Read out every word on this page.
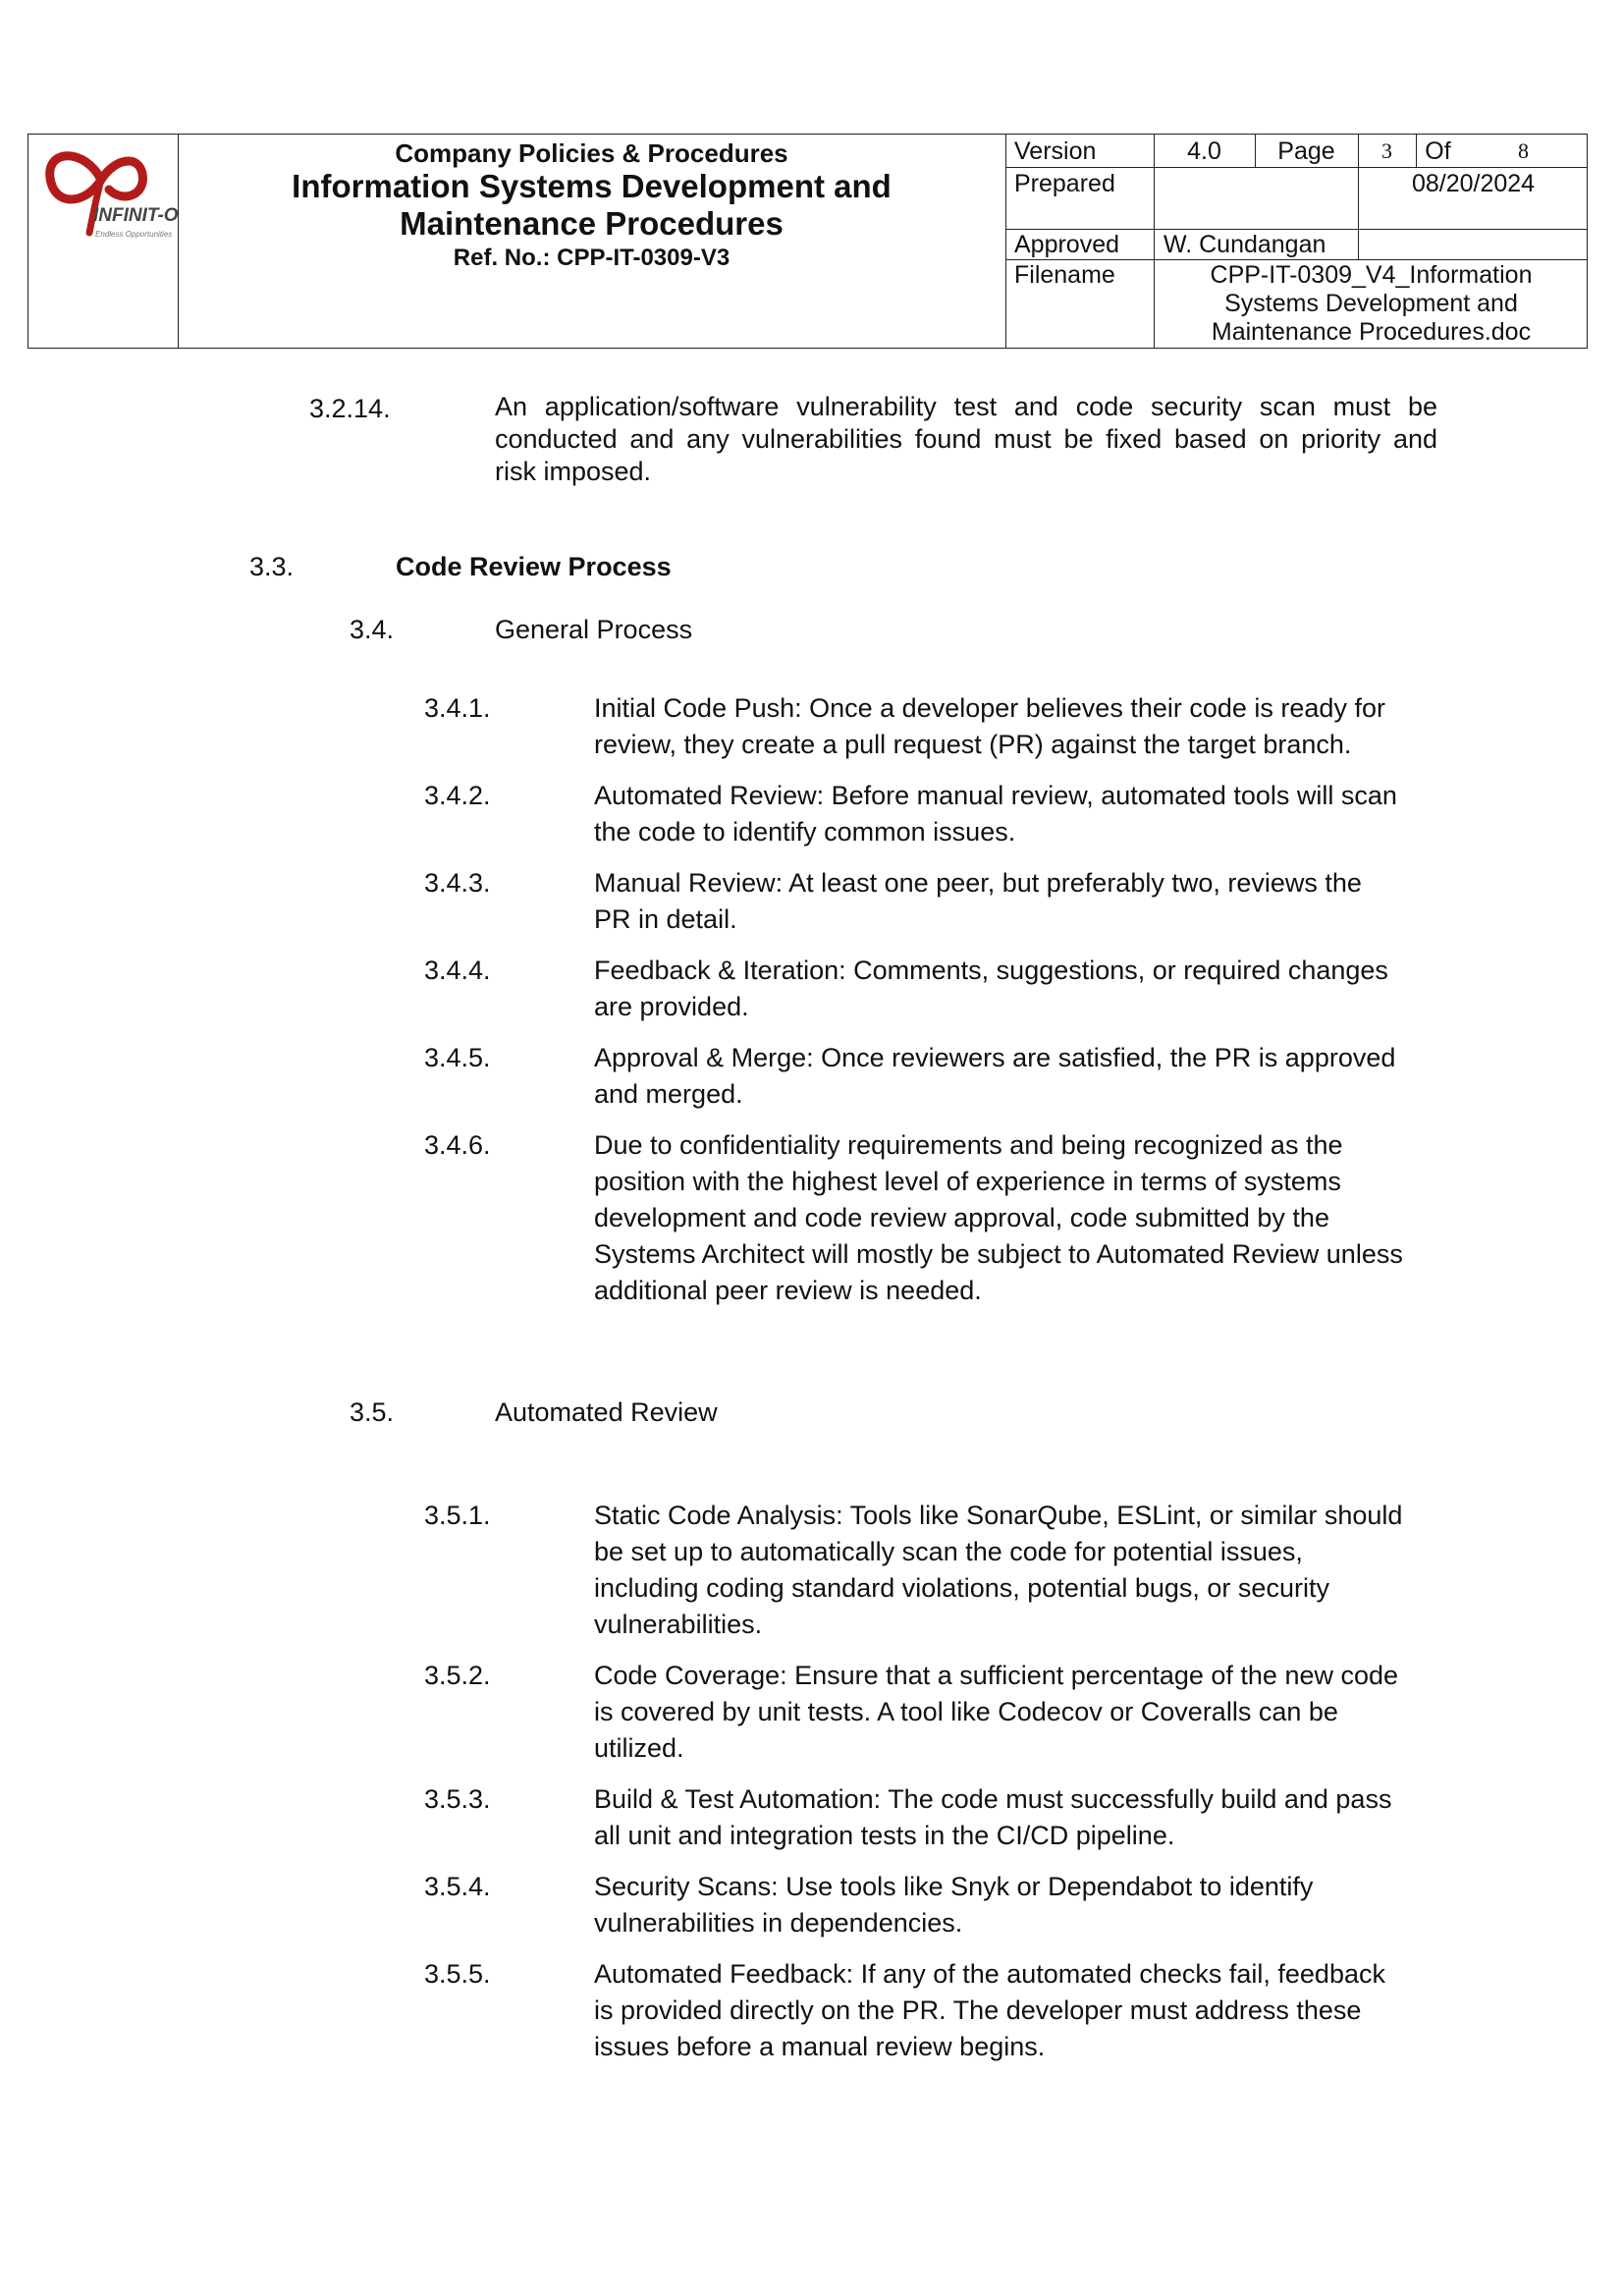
INFINIT-O
Endless Opportunities
Company Policies & Procedures
Information Systems Development and
Maintenance Procedures
Ref. No.: CPP-IT-0309-V3
Version	4.0	Page	3	Of	8
Prepared	08/20/2024
Approved W. Cundangan
Filename	CPP-IT-0309_V4_Information
Systems Development and
Maintenance Procedures.doc
3.2.14.	An application/software vulnerability test and code security scan must be
conducted and any vulnerabilities found must be fixed based on priority and
risk imposed.
3.3.	Code Review Process
3.4.	General Process
3.4.1.	Initial Code Push: Once a developer believes their code is ready for
review, they create a pull request (PR) against the target branch.
3.4.2.	Automated Review: Before manual review, automated tools will scan
the code to identify common issues.
3.4.3.	Manual Review: At least one peer, but preferably two, reviews the
PR in detail.
3.4.4.	Feedback & Iteration: Comments, suggestions, or required changes
are provided.
3.4.5.	Approval & Merge: Once reviewers are satisfied, the PR is approved
and merged.
3.4.6.	Due to confidentiality requirements and being recognized as the
position with the highest level of experience in terms of systems
development and code review approval, code submitted by the
Systems Architect will mostly be subject to Automated Review unless
additional peer review is needed.
3.5.	Automated Review
3.5.1.	Static Code Analysis: Tools like SonarQube, ESLint, or similar should
be set up to automatically scan the code for potential issues,
including coding standard violations, potential bugs, or security
vulnerabilities.
3.5.2.	Code Coverage: Ensure that a sufficient percentage of the new code
is covered by unit tests. A tool like Codecov or Coveralls can be
utilized.
3.5.3.	Build & Test Automation: The code must successfully build and pass
all unit and integration tests in the CI/CD pipeline.
3.5.4.	Security Scans: Use tools like Snyk or Dependabot to identify
vulnerabilities in dependencies.
3.5.5.	Automated Feedback: If any of the automated checks fail, feedback
is provided directly on the PR. The developer must address these
issues before a manual review begins.
